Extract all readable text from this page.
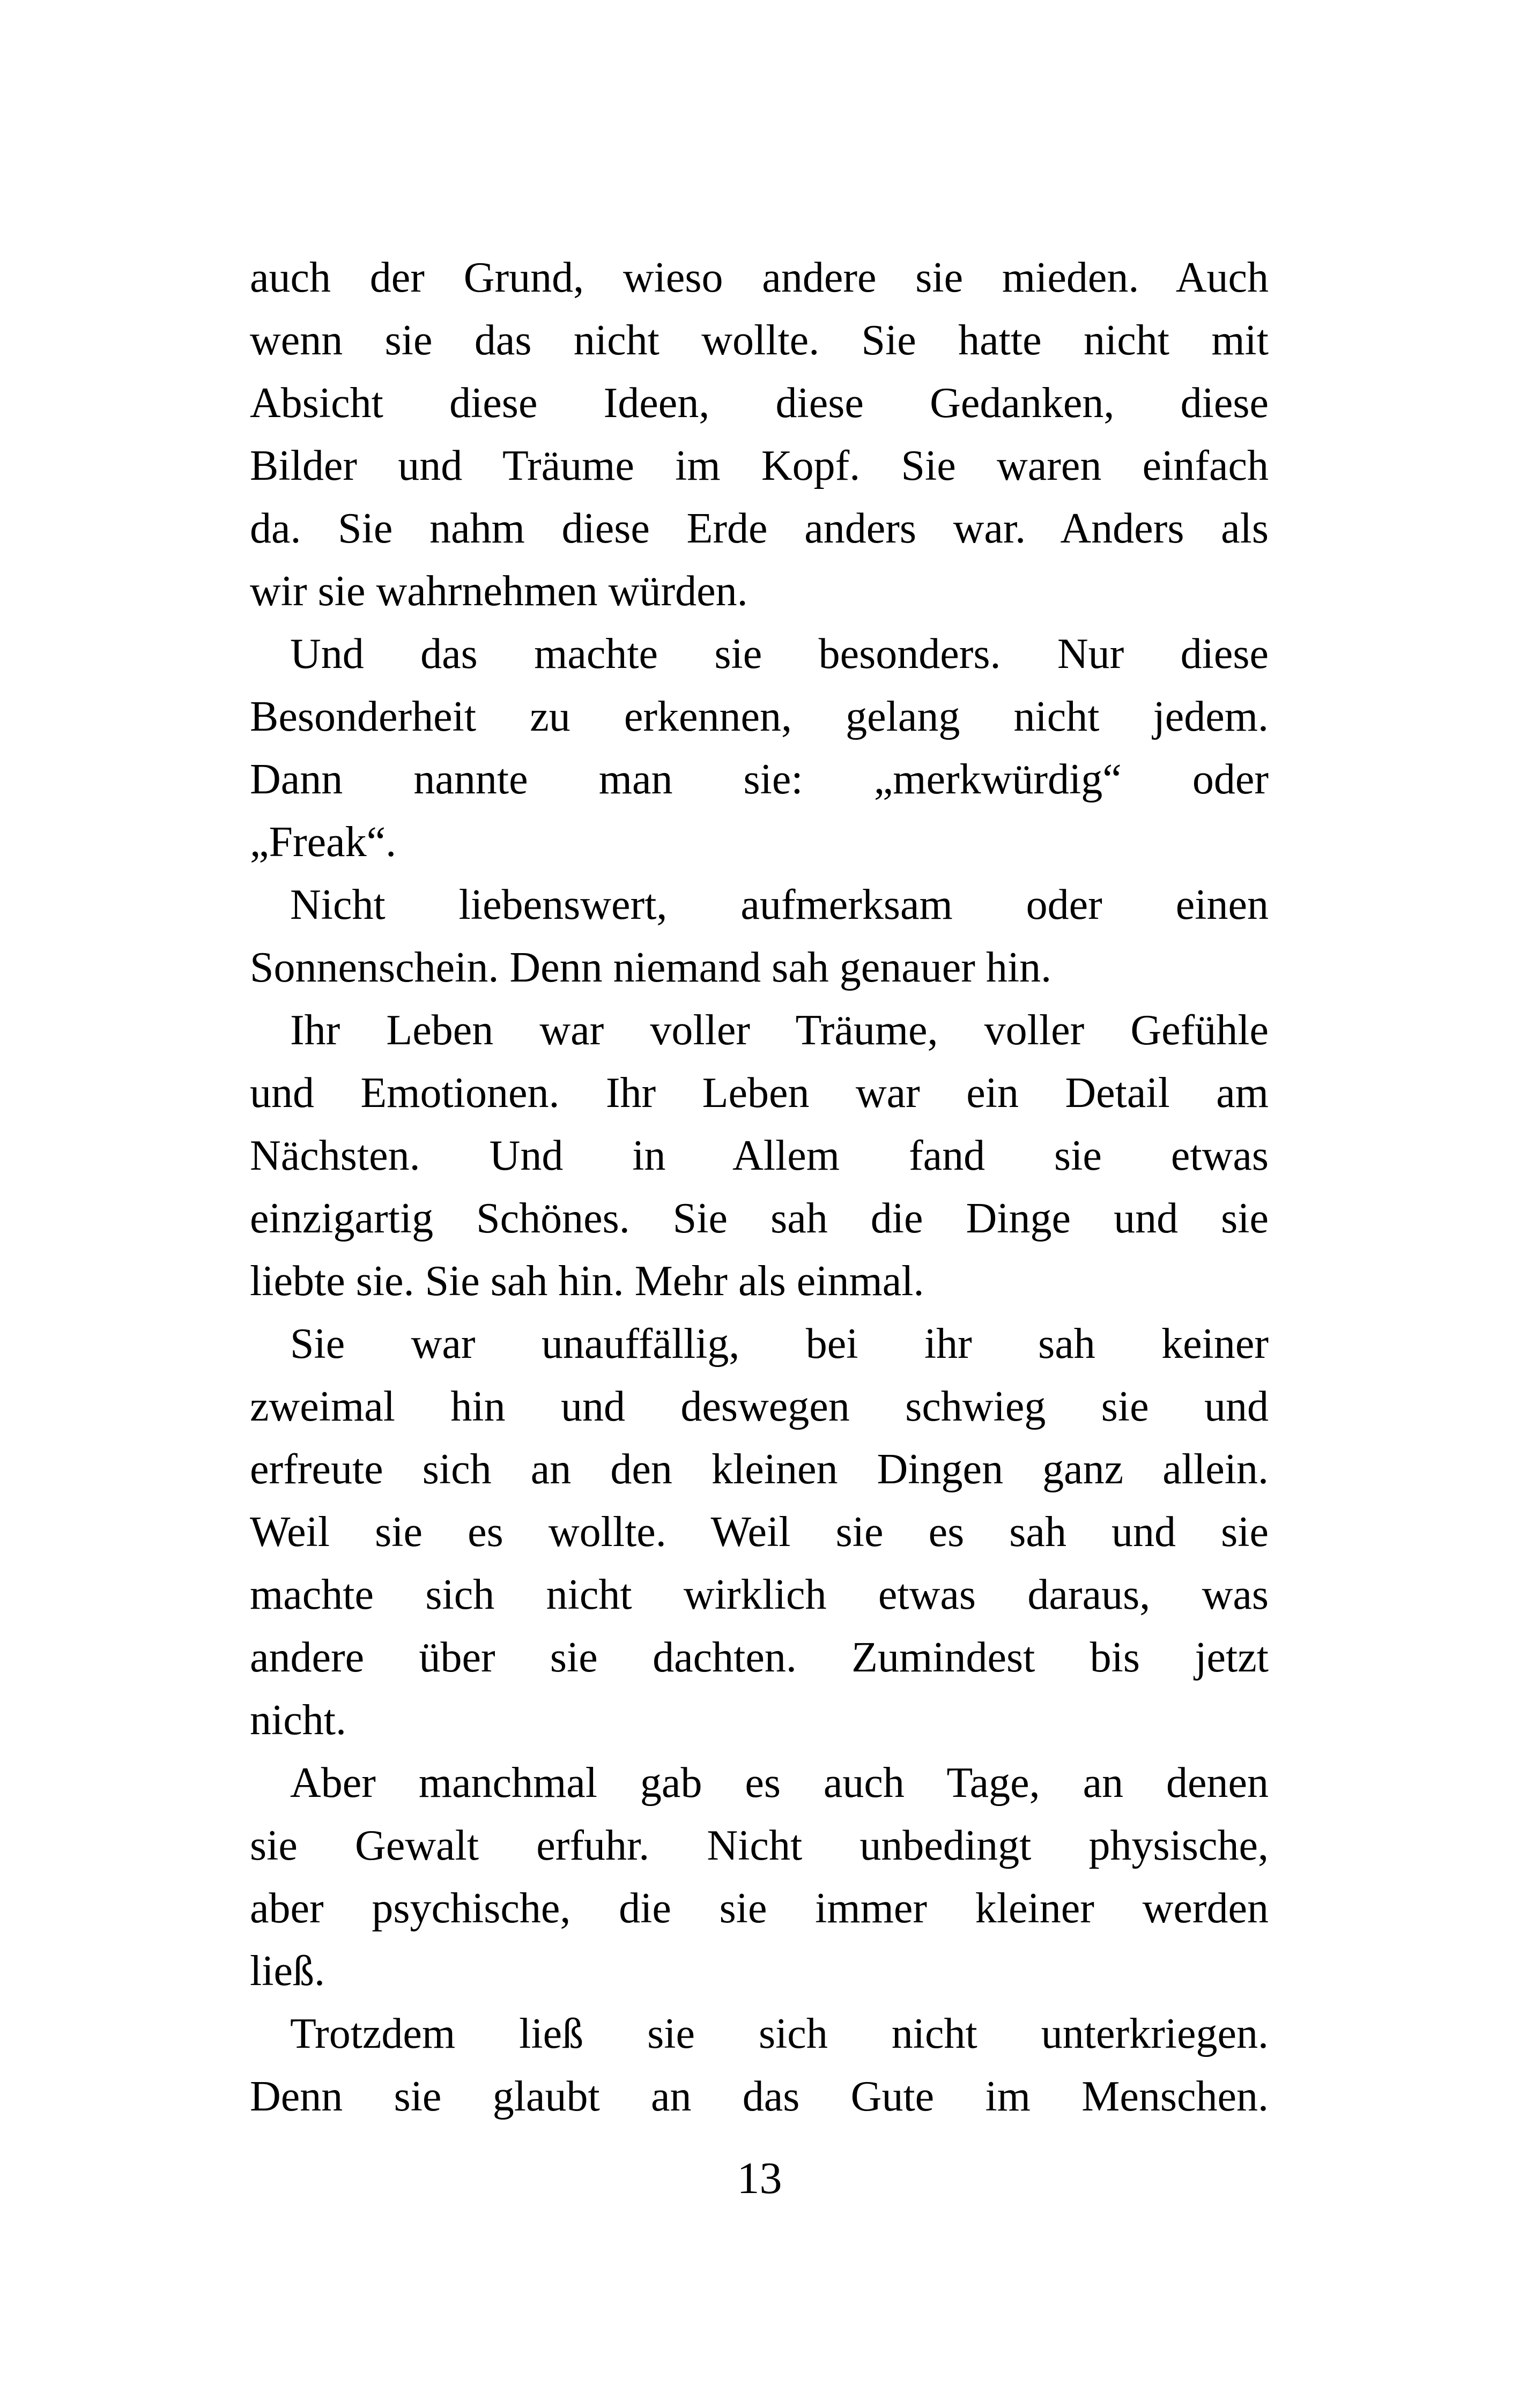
auch der Grund, wieso andere sie mieden. Auch
wenn sie das nicht wollte. Sie hatte nicht mit
Absicht diese Ideen, diese Gedanken, diese
Bilder und Träume im Kopf. Sie waren einfach
da. Sie nahm diese Erde anders war. Anders als
wir sie wahrnehmen würden.
Und das machte sie besonders. Nur diese
Besonderheit zu erkennen, gelang nicht jedem.
Dann nannte man sie: „merkwürdig“ oder
„Freak“.
Nicht liebenswert, aufmerksam oder einen
Sonnenschein. Denn niemand sah genauer hin.
Ihr Leben war voller Träume, voller Gefühle
und Emotionen. Ihr Leben war ein Detail am
Nächsten. Und in Allem fand sie etwas
einzigartig Schönes. Sie sah die Dinge und sie
liebte sie. Sie sah hin. Mehr als einmal.
Sie war unauffällig, bei ihr sah keiner
zweimal hin und deswegen schwieg sie und
erfreute sich an den kleinen Dingen ganz allein.
Weil sie es wollte. Weil sie es sah und sie
machte sich nicht wirklich etwas daraus, was
andere über sie dachten. Zumindest bis jetzt
nicht.
Aber manchmal gab es auch Tage, an denen
sie Gewalt erfuhr. Nicht unbedingt physische,
aber psychische, die sie immer kleiner werden
ließ.
Trotzdem ließ sie sich nicht unterkriegen.
Denn sie glaubt an das Gute im Menschen.
13
